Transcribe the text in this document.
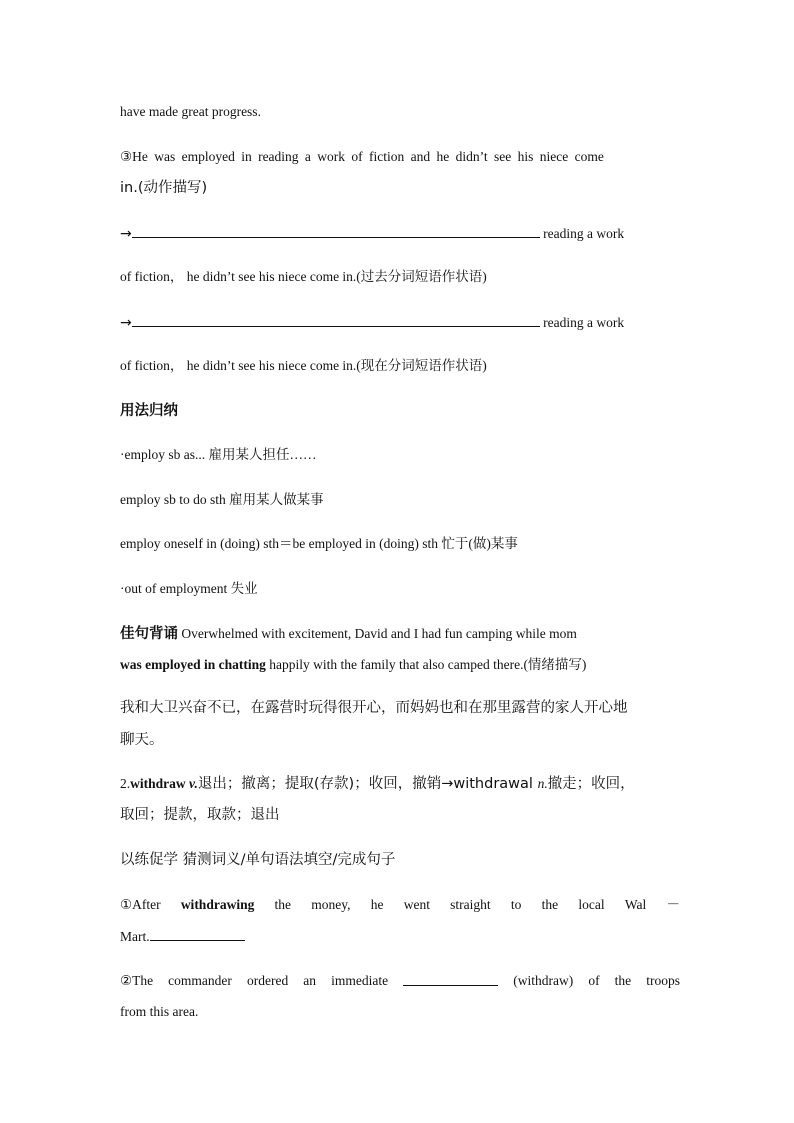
have made great progress.
③He was employed in reading a work of fiction and he didn’t see his niece come
in.(动作描写)
→	reading a work
of fiction， he didn’t see his niece come in.(过去分词短语作状语)
→	reading a work
of fiction， he didn’t see his niece come in.(现在分词短语作状语)
用法归纳
·employ sb as... 雇用某人担任……
employ sb to do sth 雇用某人做某事
employ oneself in (doing) sth＝be employed in (doing) sth 忙于(做)某事
·out of employment 失业
佳句背诵 Overwhelmed with excitement, David and I had fun camping while mom
was employed in chatting happily with the family that also camped there.(情绪描写)
我和大卫兴奋不已，在露营时玩得很开心，而妈妈也和在那里露营的家人开心地
聊天。
2.withdraw v.退出；撤离；提取(存款)；收回，撤销→withdrawal n.撤走；收回，
取回；提款，取款；退出
以练促学 猜测词义/单句语法填空/完成句子
①After withdrawing the money, he went straight to the local Wal －
Mart.
②The commander ordered an immediate	(withdraw) of the troops
from this area.
